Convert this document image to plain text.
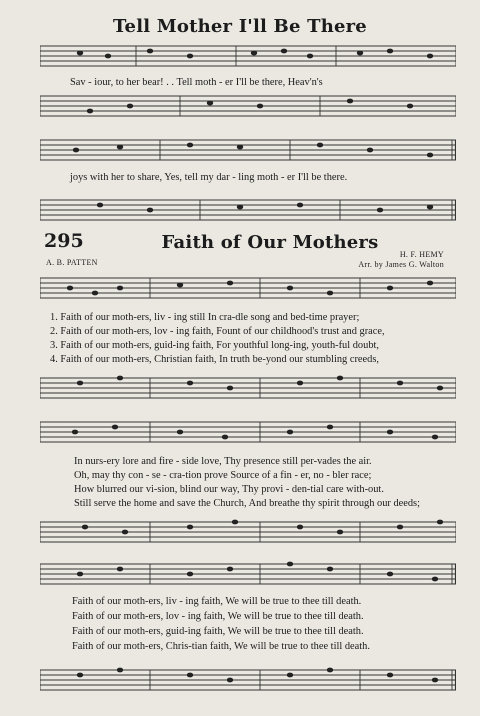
Tell Mother I'll Be There
Sav - iour, to her bear! . . Tell moth - er I'll be there, Heav'n's
joys with her to share, Yes, tell my dar - ling moth - er I'll be there.
295	Faith of Our Mothers
A. B. PATTEN
H. F. HEMY
Arr. by James G. Walton
1. Faith of our moth-ers, liv - ing still In cra-dle song and bed-time prayer;
2. Faith of our moth-ers, lov - ing faith, Fount of our childhood's trust and grace,
3. Faith of our moth-ers, guid-ing faith, For youthful long-ing, youth-ful doubt,
4. Faith of our moth-ers, Christian faith, In truth be-yond our stumbling creeds,
In nurs-ery lore and fire - side love, Thy presence still per-vades the air.
Oh, may thy con - se - cra-tion prove Source of a fin - er, no - bler race;
How blurred our vi-sion, blind our way, Thy provi - den-tial care with-out.
Still serve the home and save the Church, And breathe thy spirit through our deeds;
Faith of our moth-ers, liv - ing faith, We will be true to thee till death.
Faith of our moth-ers, lov - ing faith, We will be true to thee till death.
Faith of our moth-ers, guid-ing faith, We will be true to thee till death.
Faith of our moth-ers, Chris-tian faith, We will be true to thee till death.
